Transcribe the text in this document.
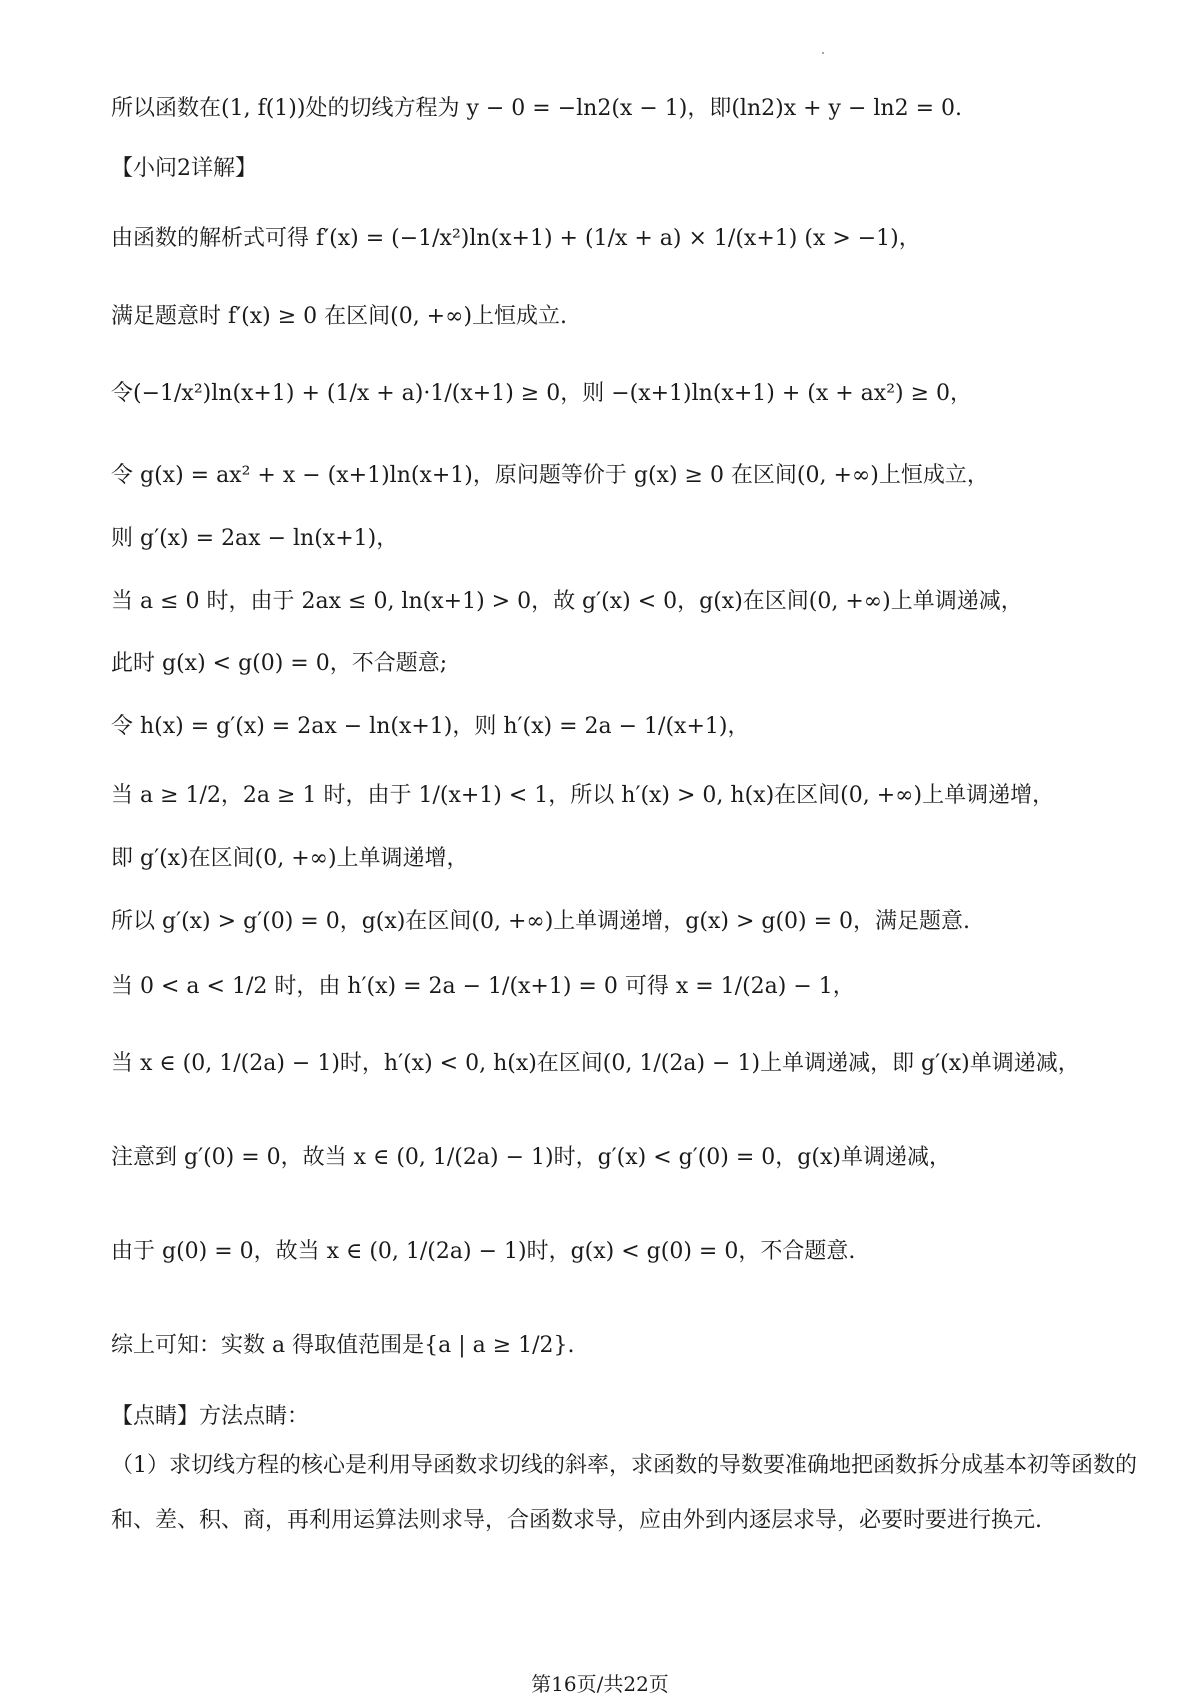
所以函数在(1, f(1))处的切线方程为 y − 0 = −ln2(x − 1)，即(ln2)x + y − ln2 = 0.
【小问2详解】
由函数的解析式可得 f′(x) = (−1/x²)ln(x+1) + (1/x + a) × 1/(x+1) (x > −1)，
满足题意时 f′(x) ≥ 0 在区间(0, +∞)上恒成立.
令(−1/x²)ln(x+1) + (1/x + a)·1/(x+1) ≥ 0，则 −(x+1)ln(x+1) + (x + ax²) ≥ 0，
令 g(x) = ax² + x − (x+1)ln(x+1)，原问题等价于 g(x) ≥ 0 在区间(0, +∞)上恒成立，
则 g′(x) = 2ax − ln(x+1)，
当 a ≤ 0 时，由于 2ax ≤ 0, ln(x+1) > 0，故 g′(x) < 0，g(x)在区间(0, +∞)上单调递减，
此时 g(x) < g(0) = 0，不合题意;
令 h(x) = g′(x) = 2ax − ln(x+1)，则 h′(x) = 2a − 1/(x+1)，
当 a ≥ 1/2，2a ≥ 1 时，由于 1/(x+1) < 1，所以 h′(x) > 0, h(x)在区间(0, +∞)上单调递增，
即 g′(x)在区间(0, +∞)上单调递增，
所以 g′(x) > g′(0) = 0，g(x)在区间(0, +∞)上单调递增，g(x) > g(0) = 0，满足题意.
当 0 < a < 1/2 时，由 h′(x) = 2a − 1/(x+1) = 0 可得 x = 1/(2a) − 1，
当 x ∈ (0, 1/(2a) − 1)时，h′(x) < 0, h(x)在区间(0, 1/(2a) − 1)上单调递减，即 g′(x)单调递减，
注意到 g′(0) = 0，故当 x ∈ (0, 1/(2a) − 1)时，g′(x) < g′(0) = 0，g(x)单调递减，
由于 g(0) = 0，故当 x ∈ (0, 1/(2a) − 1)时，g(x) < g(0) = 0，不合题意.
综上可知：实数 a 得取值范围是{a | a ≥ 1/2}.
【点睛】方法点睛：
（1）求切线方程的核心是利用导函数求切线的斜率，求函数的导数要准确地把函数拆分成基本初等函数的
和、差、积、商，再利用运算法则求导，合函数求导，应由外到内逐层求导，必要时要进行换元.
第16页/共22页
